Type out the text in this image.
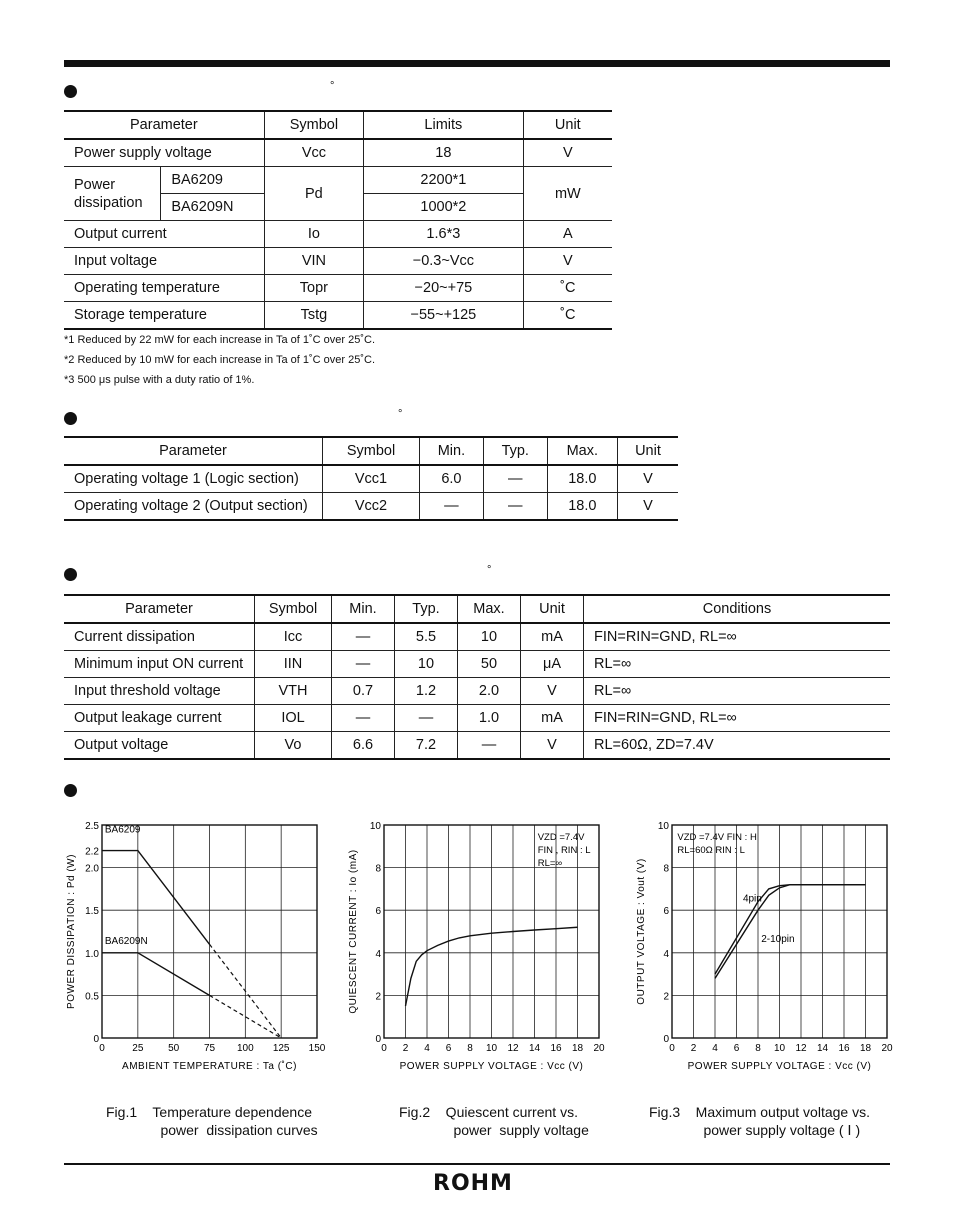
°
Parameter		Symbol	Limits	Unit
Power supply voltage		Vcc	18	V
Power dissipation	BA6209	Pd	2200*1	mW
	BA6209N		1000*2	
Output current		Io	1.6*3	A
Input voltage		VIN	−0.3~Vcc	V
Operating temperature		Topr	−20~+75	˚C
Storage temperature		Tstg	−55~+125	˚C
*1 Reduced by 22 mW for each increase in Ta of 1˚C over 25˚C.
*2 Reduced by 10 mW for each increase in Ta of 1˚C over 25˚C.
*3 500 μs pulse with a duty ratio of 1%.
°
Parameter	Symbol	Min.	Typ.	Max.	Unit
Operating voltage 1 (Logic section)	Vcc1	6.0	—	18.0	V
Operating voltage 2 (Output section)	Vcc2	—	—	18.0	V
°
Parameter	Symbol	Min.	Typ.	Max.	Unit	Conditions
Current dissipation	Icc	—	5.5	10	mA	FIN=RIN=GND, RL=∞
Minimum input ON current	IIN	—	10	50	μA	RL=∞
Input threshold voltage	VTH	0.7	1.2	2.0	V	RL=∞
Output leakage current	IOL	—	—	1.0	mA	FIN=RIN=GND, RL=∞
Output voltage	Vo	6.6	7.2	—	V	RL=60Ω, ZD=7.4V
0	25 50 75 100 125 150
0
0.5
1.0
1.5
2.0
2.2
2.5
AMBIENT TEMPERATURE : Ta (˚C)
POWER DISSIPATION : Pd (W)
BA6209
BA6209N
0 2 4 6 8 10 12 14 16 18 20
0
2
4
6
8
10
POWER SUPPLY VOLTAGE : Vcc (V)
QUIESCENT CURRENT : Io (mA)
VZD =7.4V
FIN , RIN : L
RL=∞
0 2 4 6 8 10 12 14 16 18 20
0
2
4
6
8
10
POWER SUPPLY VOLTAGE : Vcc (V)
OUTPUT VOLTAGE : Vout (V)
VZD =7.4V FIN : H
RL=60Ω RIN : L
4pin
2-10pin
Fig.1    Temperature dependence
power  dissipation curves
Fig.2    Quiescent current vs.
power  supply voltage
Fig.3    Maximum output voltage vs.
power supply voltage ( Ⅰ )
ROHM
